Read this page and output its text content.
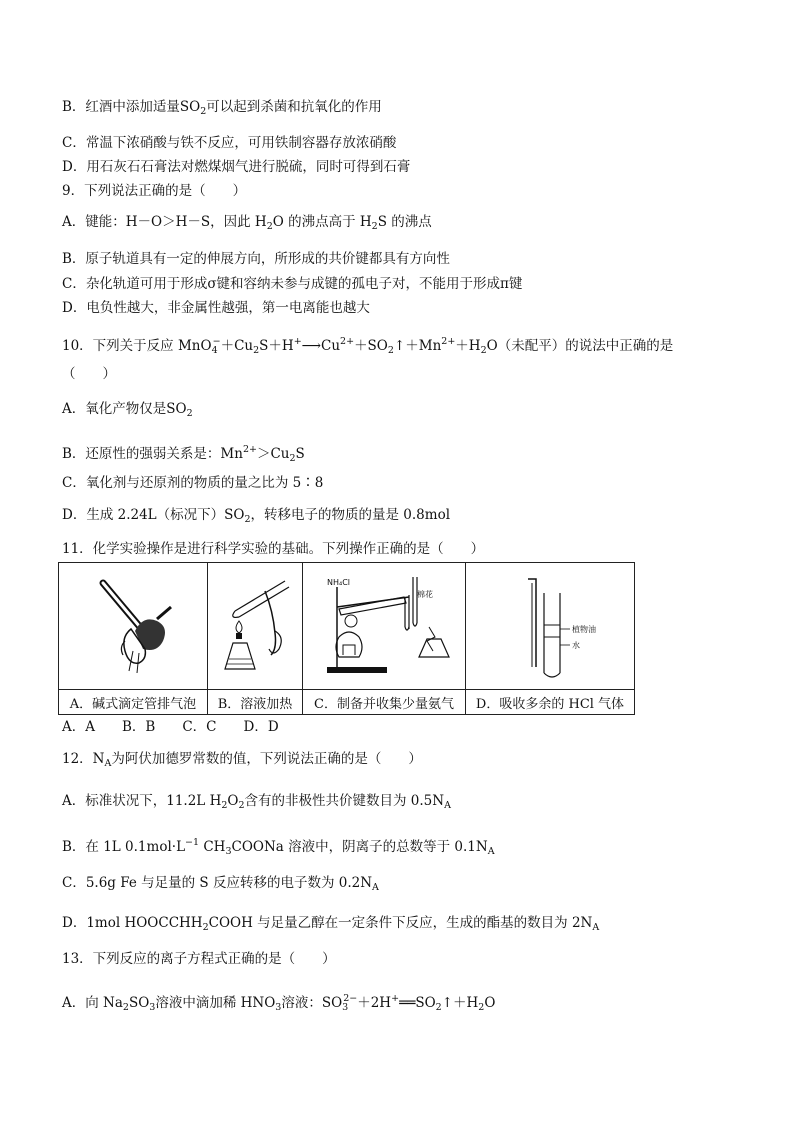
B．红酒中添加适量$SO_2$可以起到杀菌和抗氧化的作用
C．常温下浓硝酸与铁不反应，可用铁制容器存放浓硝酸
D．用石灰石石膏法对燃煤烟气进行脱硫，同时可得到石膏
9．下列说法正确的是（　　）
A．键能：H－O＞H－S，因此 $H_2O$ 的沸点高于 $H_2S$ 的沸点
B．原子轨道具有一定的伸展方向，所形成的共价键都具有方向性
C．杂化轨道可用于形成σ键和容纳未参与成键的孤电子对，不能用于形成π键
D．电负性越大，非金属性越强，第一电离能也越大
10．下列关于反应 $MnO_4^-+Cu_2S+H^+⟶Cu^{2+}+SO_2↑+Mn^{2+}+H_2O$（未配平）的说法中正确的是
（　　）
A．氧化产物仅是$SO_2$
B．还原性的强弱关系是：$Mn^{2+}>Cu_2S$
C．氧化剂与还原剂的物质的量之比为 5∶8
D．生成 2.24L（标况下）$SO_2$，转移电子的物质的量是 0.8mol
11．化学实验操作是进行科学实验的基础。下列操作正确的是（　　）

NH₄Cl
棉花	植物油
水

A．碱式滴定管排气泡	B．溶液加热	C．制备并收集少量氨气	D．吸收多余的 HCl 气体
A．A　　B．B　　C．C　　D．D
12．$N_A$为阿伏加德罗常数的值，下列说法正确的是（　　）
A．标准状况下，11.2L $H_2O_2$含有的非极性共价键数目为 $0.5N_A$
B．在 1L $0.1mol\cdot L^{-1}$ $CH_3COONa$ 溶液中，阴离子的总数等于 $0.1N_A$
C．5.6g Fe 与足量的 S 反应转移的电子数为 $0.2N_A$
D．1mol $HOOCCHH_2COOH$ 与足量乙醇在一定条件下反应，生成的酯基的数目为 $2N_A$
13．下列反应的离子方程式正确的是（　　）
A．向 $Na_2SO_3$溶液中滴加稀 $HNO_3$溶液：$SO_3^{2-}+2H^+══SO_2↑+H_2O$
